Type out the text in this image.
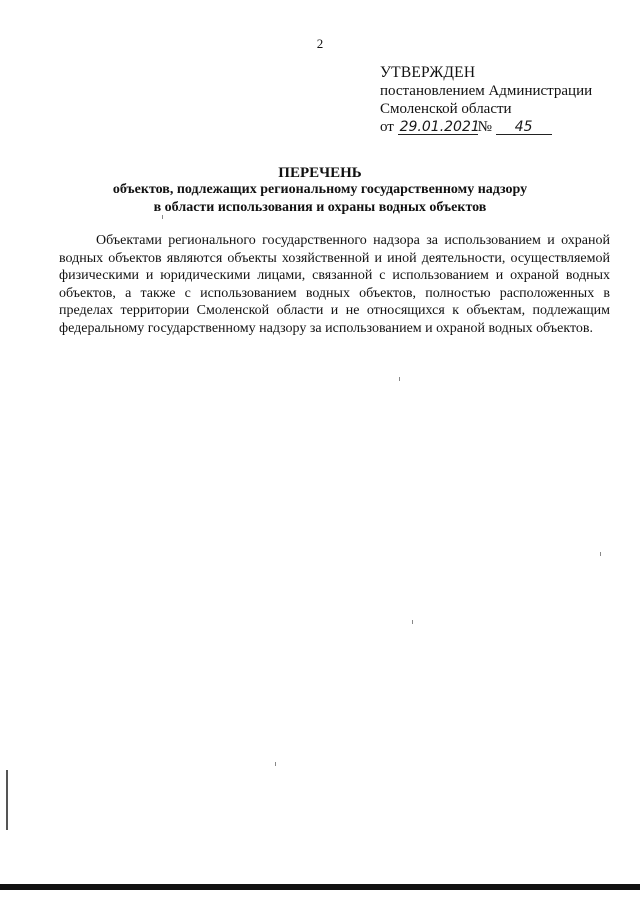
2
УТВЕРЖДЕН
постановлением Администрации
Смоленской области
от 29.01.2021№ 45
ПЕРЕЧЕНЬ
объектов, подлежащих региональному государственному надзору
в области использования и охраны водных объектов
Объектами регионального государственного надзора за использованием и охраной водных объектов являются объекты хозяйственной и иной деятельности, осуществляемой физическими и юридическими лицами, связанной с использованием и охраной водных объектов, а также с использованием водных объектов, полностью расположенных в пределах территории Смоленской области и не относящихся к объектам, подлежащим федеральному государственному надзору за использованием и охраной водных объектов.
